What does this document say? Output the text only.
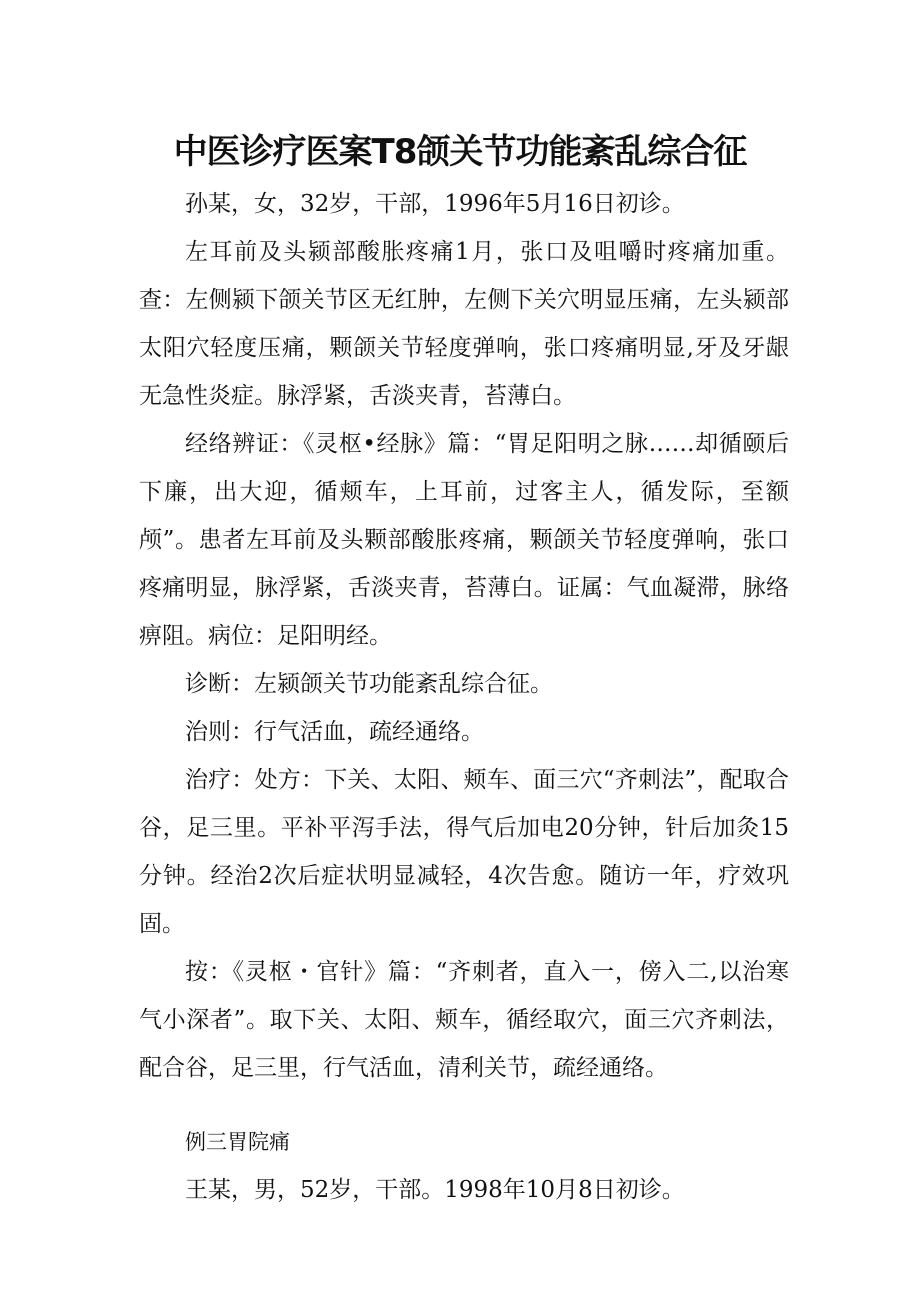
中医诊疗医案T8颌关节功能紊乱综合征

孙某，女，32岁，干部，1996年5月16日初诊。

左耳前及头颍部酸胀疼痛1月，张口及咀嚼时疼痛加重。查：左侧颍下颌关节区无红肿，左侧下关穴明显压痛，左头颍部太阳穴轻度压痛，颗颌关节轻度弹响，张口疼痛明显,牙及牙龈无急性炎症。脉浮紧，舌淡夹青，苔薄白。

经络辨证：《灵枢•经脉》篇：“胃足阳明之脉……却循颐后下廉，出大迎，循颊车，上耳前，过客主人，循发际，至额颅”。患者左耳前及头颗部酸胀疼痛，颗颌关节轻度弹响，张口疼痛明显，脉浮紧，舌淡夹青，苔薄白。证属：气血凝滞，脉络痹阻。病位：足阳明经。

诊断：左颍颌关节功能紊乱综合征。

治则：行气活血，疏经通络。

治疗：处方：下关、太阳、颊车、面三穴“齐刺法”，配取合谷，足三里。平补平泻手法，得气后加电20分钟，针后加灸15分钟。经治2次后症状明显减轻，4次告愈。随访一年，疗效巩固。

按：《灵枢・官针》篇：“齐刺者，直入一，傍入二,以治寒气小深者”。取下关、太阳、颊车，循经取穴，面三穴齐刺法，配合谷，足三里，行气活血，清利关节，疏经通络。

例三胃院痛

王某，男，52岁，干部。1998年10月8日初诊。
